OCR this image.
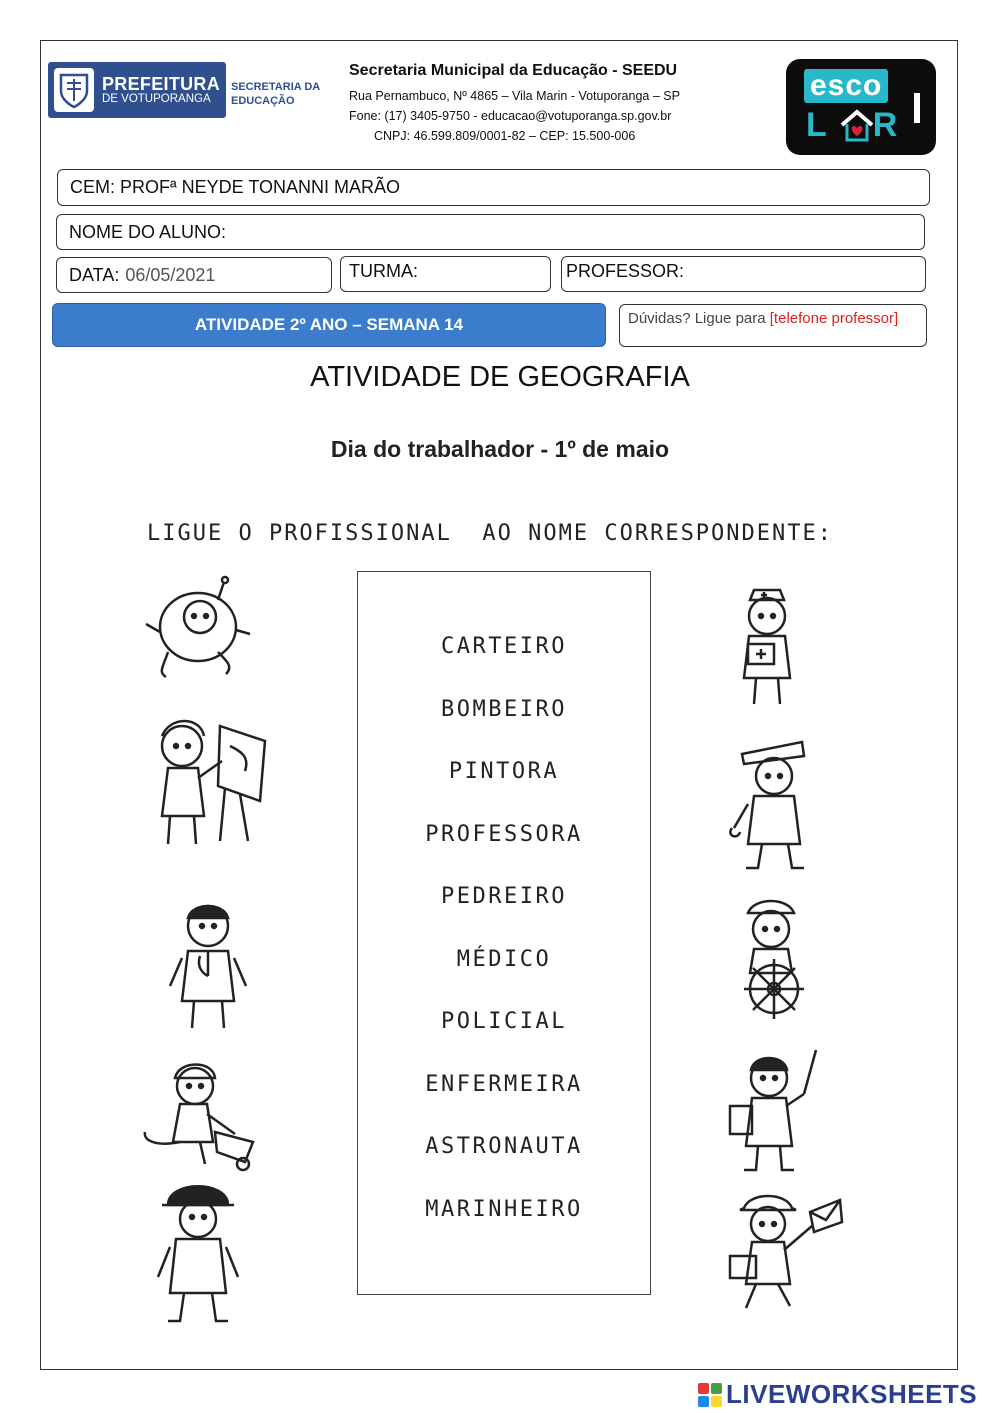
PREFEITURA
DE VOTUPORANGA
SECRETARIA DA
EDUCAÇÃO
Secretaria Municipal da Educação - SEEDU
Rua Pernambuco, Nº 4865 – Vila Marin - Votuporanga – SP
Fone: (17) 3405-9750 - educacao@votuporanga.sp.gov.br
CNPJ: 46.599.809/0001-82 – CEP: 15.500-006
esco
L R
CEM: PROFª NEYDE TONANNI MARÃO
NOME DO ALUNO:
DATA: 06/05/2021	TURMA:	PROFESSOR:
ATIVIDADE 2º ANO – SEMANA 14	Dúvidas? Ligue para [telefone professor]
ATIVIDADE DE GEOGRAFIA
Dia do trabalhador - 1º de maio
LIGUE O PROFISSIONAL  AO NOME CORRESPONDENTE:
CARTEIRO
BOMBEIRO
PINTORA
PROFESSORA
PEDREIRO
MÉDICO
POLICIAL
ENFERMEIRA
ASTRONAUTA
MARINHEIRO
LIVEWORKSHEETS
